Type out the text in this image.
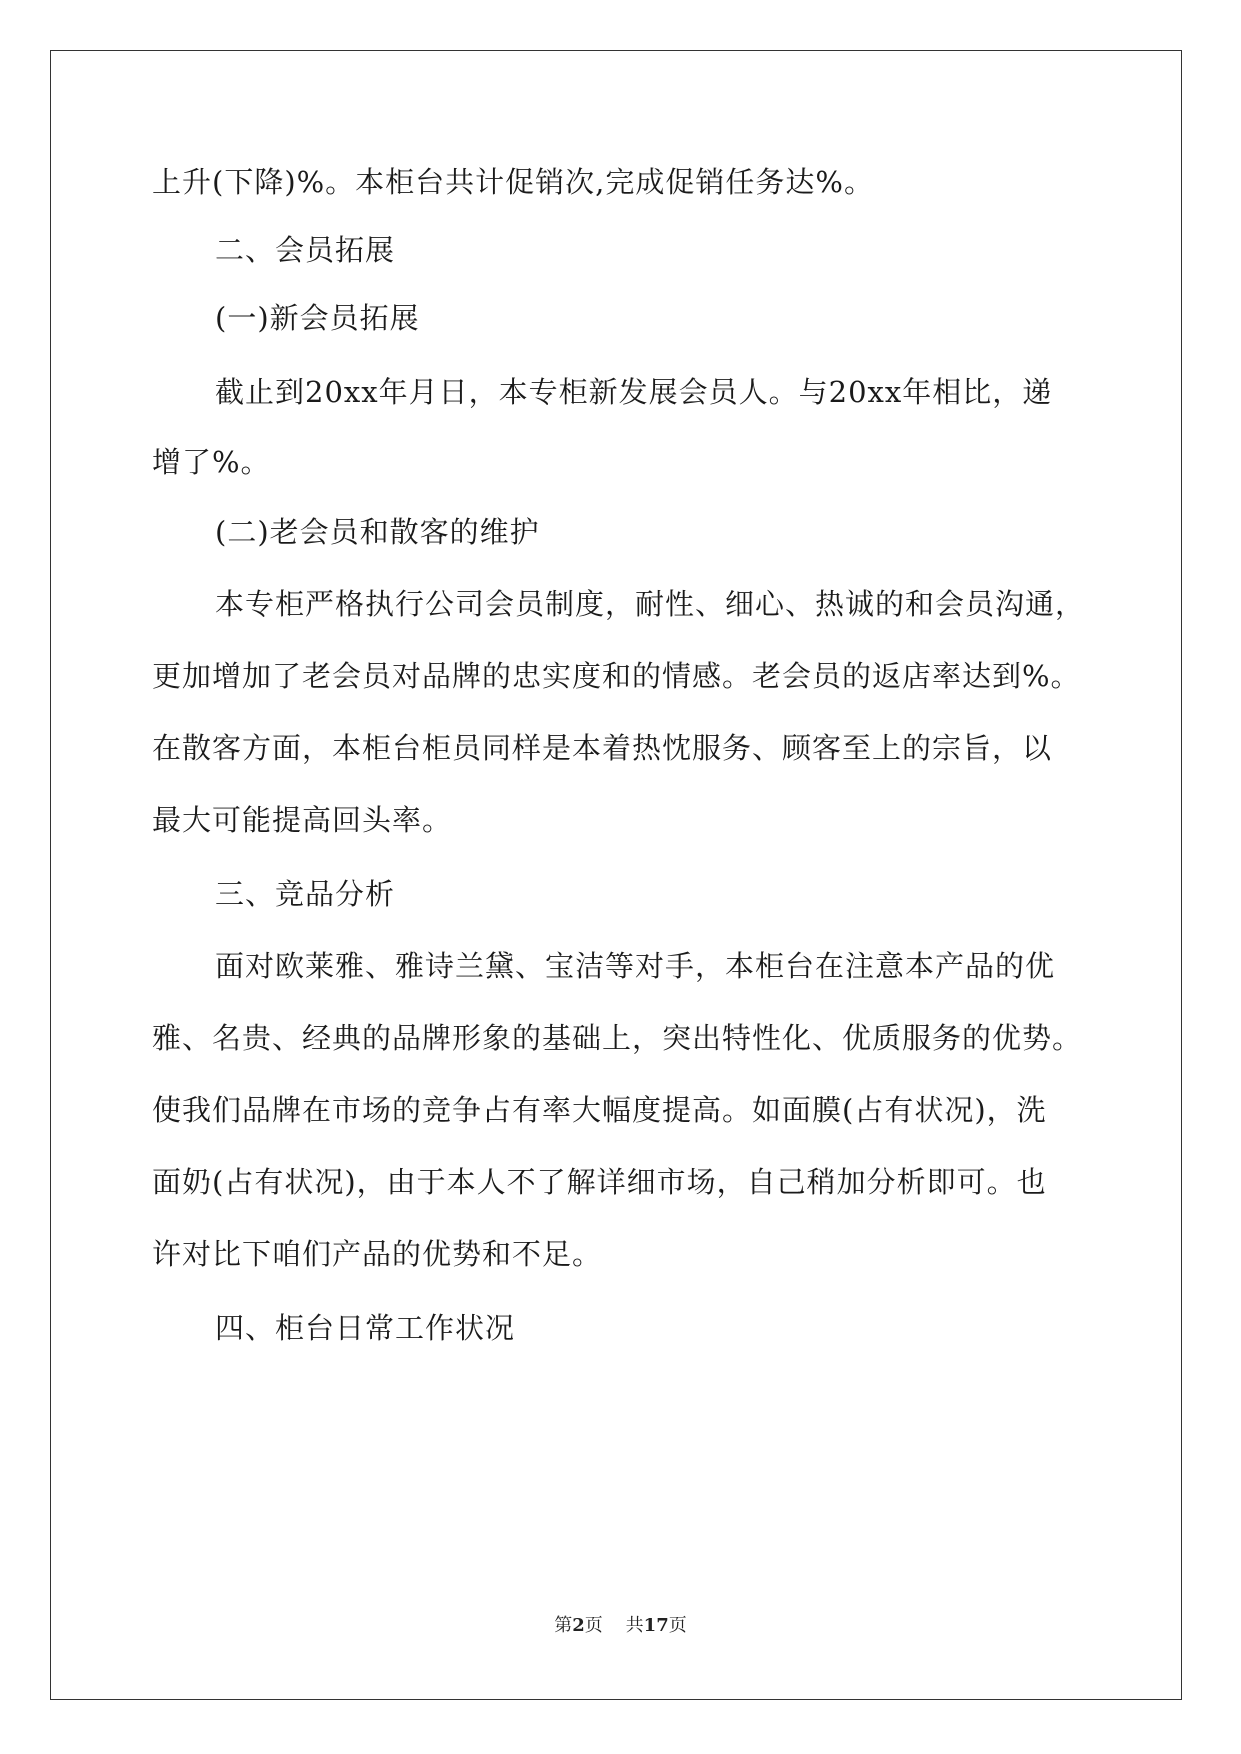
上升(下降)%。本柜台共计促销次,完成促销任务达%。
二、会员拓展
(一)新会员拓展
截止到20xx年月日，本专柜新发展会员人。与20xx年相比，递
增了%。
(二)老会员和散客的维护
本专柜严格执行公司会员制度，耐性、细心、热诚的和会员沟通，
更加增加了老会员对品牌的忠实度和的情感。老会员的返店率达到%。
在散客方面，本柜台柜员同样是本着热忱服务、顾客至上的宗旨，以
最大可能提高回头率。
三、竞品分析
面对欧莱雅、雅诗兰黛、宝洁等对手，本柜台在注意本产品的优
雅、名贵、经典的品牌形象的基础上，突出特性化、优质服务的优势。
使我们品牌在市场的竞争占有率大幅度提高。如面膜(占有状况)，洗
面奶(占有状况)，由于本人不了解详细市场，自己稍加分析即可。也
许对比下咱们产品的优势和不足。
四、柜台日常工作状况
第2页 共17页
